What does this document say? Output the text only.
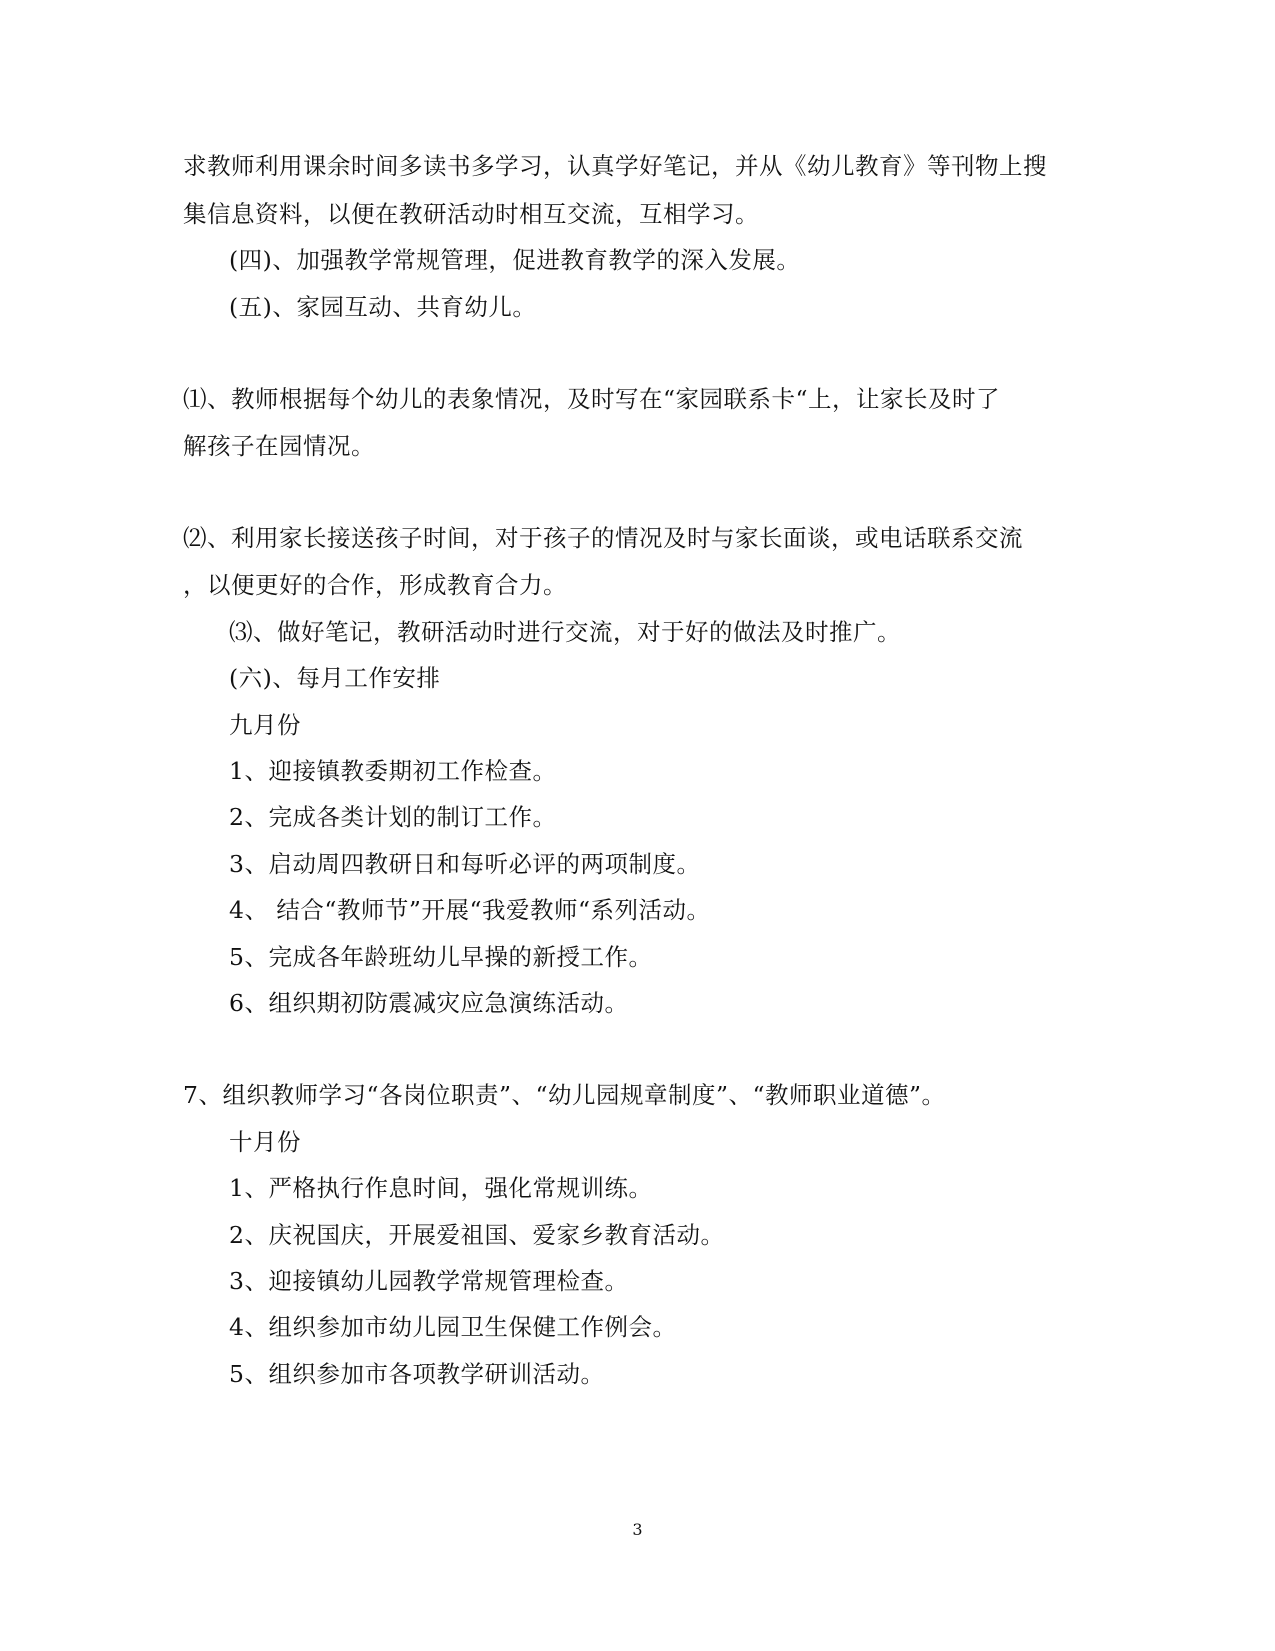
求教师利用课余时间多读书多学习，认真学好笔记，并从《幼儿教育》等刊物上搜
集信息资料，以便在教研活动时相互交流，互相学习。
(四)、加强教学常规管理，促进教育教学的深入发展。
(五)、家园互动、共育幼儿。
⑴、教师根据每个幼儿的表象情况，及时写在“家园联系卡“上，让家长及时了
解孩子在园情况。
⑵、利用家长接送孩子时间，对于孩子的情况及时与家长面谈，或电话联系交流
，以便更好的合作，形成教育合力。
⑶、做好笔记，教研活动时进行交流，对于好的做法及时推广。
(六)、每月工作安排
九月份
1、迎接镇教委期初工作检查。
2、完成各类计划的制订工作。
3、启动周四教研日和每听必评的两项制度。
4、 结合“教师节”开展“我爱教师“系列活动。
5、完成各年龄班幼儿早操的新授工作。
6、组织期初防震减灾应急演练活动。
7、组织教师学习“各岗位职责”、“幼儿园规章制度”、“教师职业道德”。
十月份
1、严格执行作息时间，强化常规训练。
2、庆祝国庆，开展爱祖国、爱家乡教育活动。
3、迎接镇幼儿园教学常规管理检查。
4、组织参加市幼儿园卫生保健工作例会。
5、组织参加市各项教学研训活动。
3
